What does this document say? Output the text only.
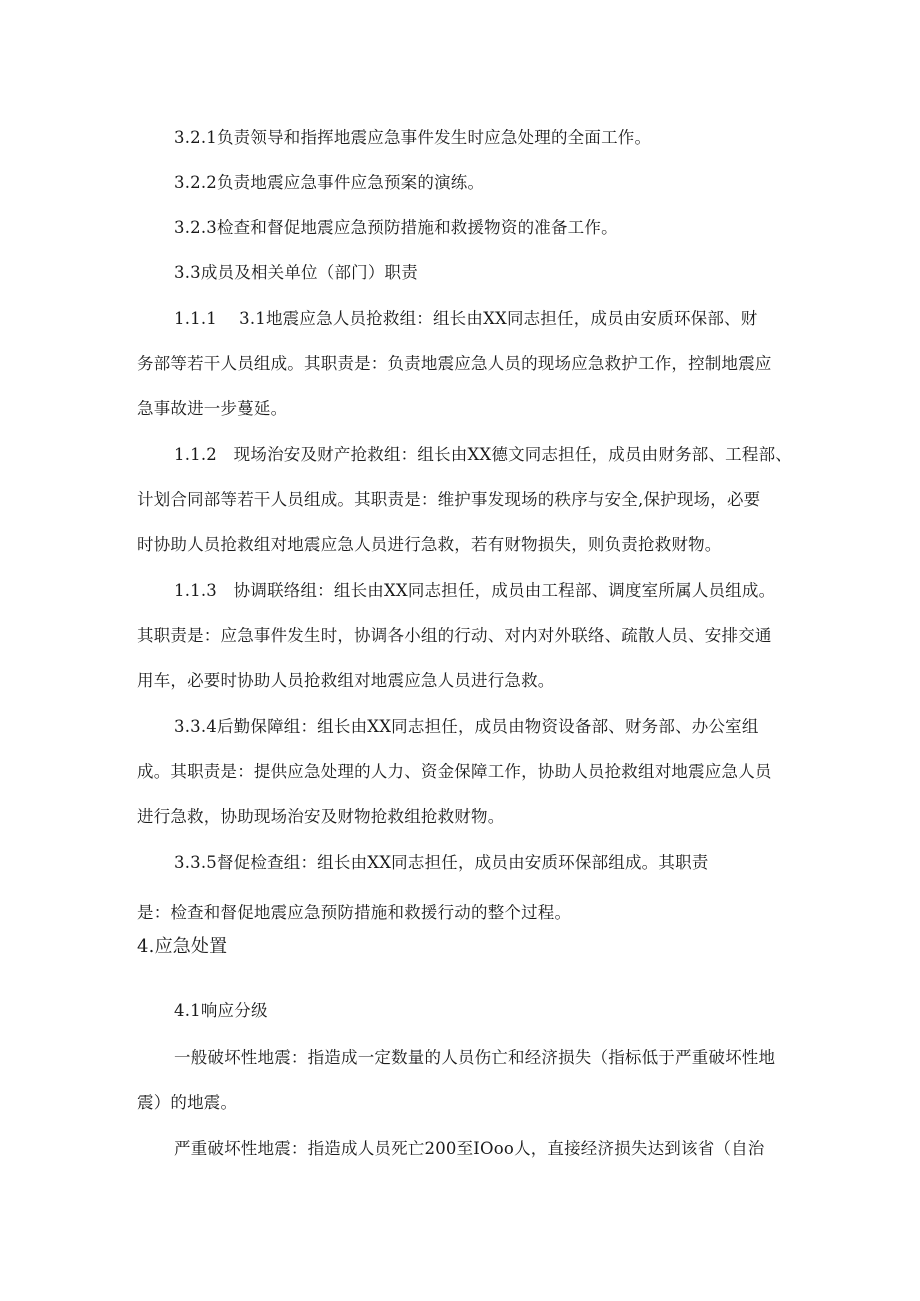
3.2.1负责领导和指挥地震应急事件发生时应急处理的全面工作。
3.2.2负责地震应急事件应急预案的演练。
3.2.3检查和督促地震应急预防措施和救援物资的准备工作。
3.3成员及相关单位（部门）职责
1.1.1　 3.1地震应急人员抢救组：组长由XX同志担任，成员由安质环保部、财
务部等若干人员组成。其职责是：负责地震应急人员的现场应急救护工作，控制地震应
急事故进一步蔓延。
1.1.2　现场治安及财产抢救组：组长由XX德文同志担任，成员由财务部、工程部、
计划合同部等若干人员组成。其职责是：维护事发现场的秩序与安全,保护现场，必要
时协助人员抢救组对地震应急人员进行急救，若有财物损失，则负责抢救财物。
1.1.3　协调联络组：组长由XX同志担任，成员由工程部、调度室所属人员组成。
其职责是：应急事件发生时，协调各小组的行动、对内对外联络、疏散人员、安排交通
用车，必要时协助人员抢救组对地震应急人员进行急救。
3.3.4后勤保障组：组长由XX同志担任，成员由物资设备部、财务部、办公室组
成。其职责是：提供应急处理的人力、资金保障工作，协助人员抢救组对地震应急人员
进行急救，协助现场治安及财物抢救组抢救财物。
3.3.5督促检查组：组长由XX同志担任，成员由安质环保部组成。其职责
是：检查和督促地震应急预防措施和救援行动的整个过程。
4.应急处置
4.1响应分级
一般破坏性地震：指造成一定数量的人员伤亡和经济损失（指标低于严重破坏性地
震）的地震。
严重破坏性地震：指造成人员死亡200至IOoo人，直接经济损失达到该省（自治
